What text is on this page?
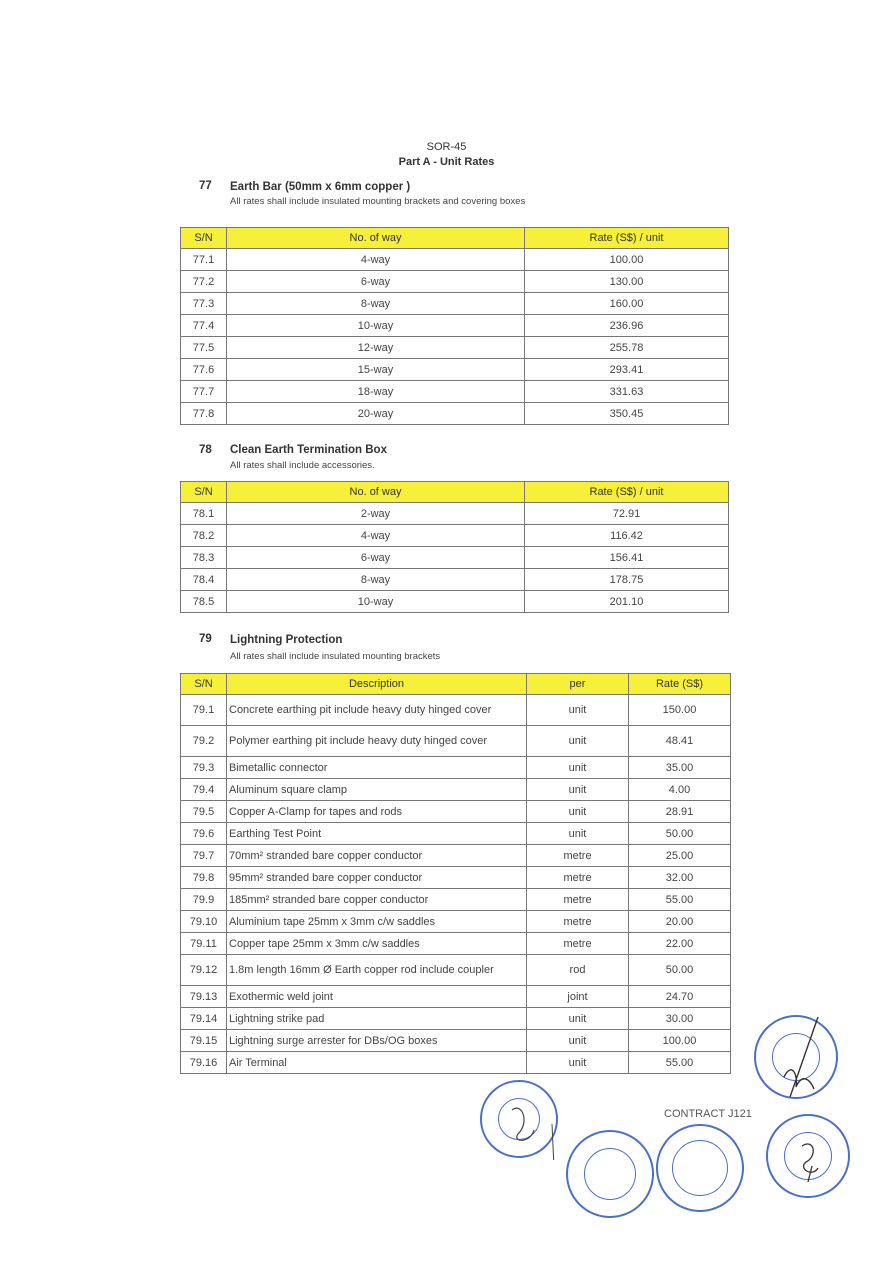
SOR-45
Part A - Unit Rates
77 Earth Bar (50mm x 6mm copper )
All rates shall include insulated mounting brackets and covering boxes
S/N	No. of way	Rate (S$) / unit
77.1	4-way	100.00
77.2	6-way	130.00
77.3	8-way	160.00
77.4	10-way	236.96
77.5	12-way	255.78
77.6	15-way	293.41
77.7	18-way	331.63
77.8	20-way	350.45
78 Clean Earth Termination Box
All rates shall include accessories.
S/N	No. of way	Rate (S$) / unit
78.1	2-way	72.91
78.2	4-way	116.42
78.3	6-way	156.41
78.4	8-way	178.75
78.5	10-way	201.10
79 Lightning Protection
All rates shall include insulated mounting brackets
S/N	Description	per	Rate (S$)
79.1	Concrete earthing pit include heavy duty hinged cover	unit	150.00
79.2	Polymer earthing pit include heavy duty hinged cover	unit	48.41
79.3	Bimetallic connector	unit	35.00
79.4	Aluminum square clamp	unit	4.00
79.5	Copper A-Clamp for tapes and rods	unit	28.91
79.6	Earthing Test Point	unit	50.00
79.7	70mm² stranded bare copper conductor	metre	25.00
79.8	95mm² stranded bare copper conductor	metre	32.00
79.9	185mm² stranded bare copper conductor	metre	55.00
79.10	Aluminium tape 25mm x 3mm c/w saddles	metre	20.00
79.11	Copper tape 25mm x 3mm c/w saddles	metre	22.00
79.12	1.8m length 16mm Ø Earth copper rod include coupler	rod	50.00
79.13	Exothermic weld joint	joint	24.70
79.14	Lightning strike pad	unit	30.00
79.15	Lightning surge arrester for DBs/OG boxes	unit	100.00
79.16	Air Terminal	unit	55.00
CONTRACT J121
